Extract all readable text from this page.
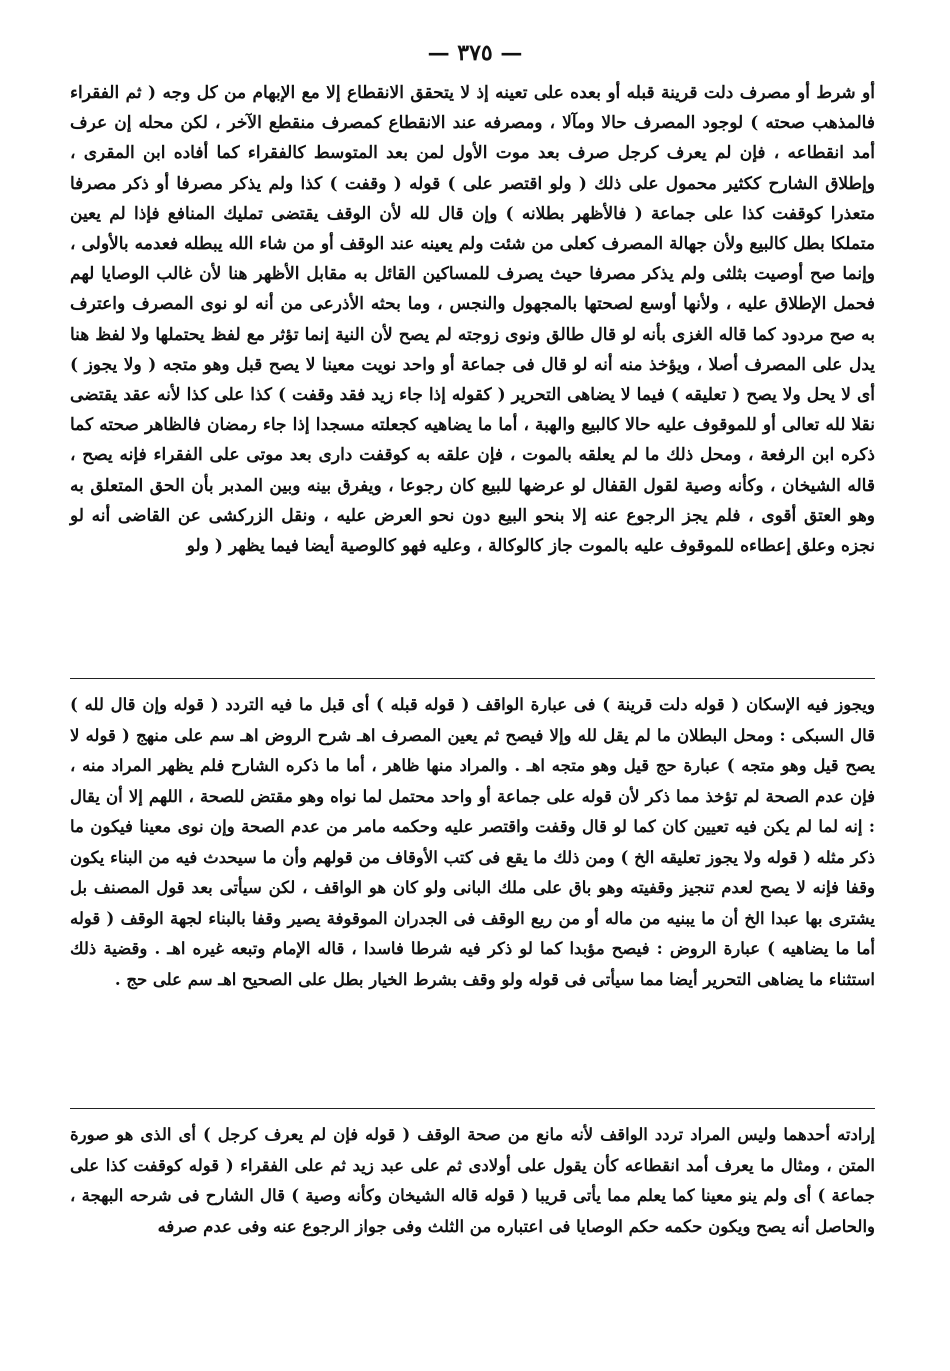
— ٣٧٥ —

أو شرط أو مصرف دلت قرينة قبله أو بعده على تعينه إذ لا يتحقق الانقطاع إلا مع الإبهام من كل وجه ( ثم الفقراء فالمذهب صحته ) لوجود المصرف حالا ومآلا ، ومصرفه عند الانقطاع كمصرف منقطع الآخر ، لكن محله إن عرف أمد انقطاعه ، فإن لم يعرف كرجل صرف بعد موت الأول لمن بعد المتوسط كالفقراء كما أفاده ابن المقرى ، وإطلاق الشارح ككثير محمول على ذلك ( ولو اقتصر على ) قوله ( وقفت ) كذا ولم يذكر مصرفا أو ذكر مصرفا متعذرا كوقفت كذا على جماعة ( فالأظهر بطلانه ) وإن قال لله لأن الوقف يقتضى تمليك المنافع فإذا لم يعين متملكا بطل كالبيع ولأن جهالة المصرف كعلى من شئت ولم يعينه عند الوقف أو من شاء الله يبطله فعدمه بالأولى ، وإنما صح أوصيت بثلثى ولم يذكر مصرفا حيث يصرف للمساكين القائل به مقابل الأظهر هنا لأن غالب الوصايا لهم فحمل الإطلاق عليه ، ولأنها أوسع لصحتها بالمجهول والنجس ، وما بحثه الأذرعى من أنه لو نوى المصرف واعترف به صح مردود كما قاله الغزى بأنه لو قال طالق ونوى زوجته لم يصح لأن النية إنما تؤثر مع لفظ يحتملها ولا لفظ هنا يدل على المصرف أصلا ، ويؤخذ منه أنه لو قال فى جماعة أو واحد نويت معينا لا يصح قبل وهو متجه ( ولا يجوز ) أى لا يحل ولا يصح ( تعليقه ) فيما لا يضاهى التحرير ( كقوله إذا جاء زيد فقد وقفت ) كذا على كذا لأنه عقد يقتضى نقلا لله تعالى أو للموقوف عليه حالا كالبيع والهبة ، أما ما يضاهيه كجعلته مسجدا إذا جاء رمضان فالظاهر صحته كما ذكره ابن الرفعة ، ومحل ذلك ما لم يعلقه بالموت ، فإن علقه به كوقفت دارى بعد موتى على الفقراء فإنه يصح ، قاله الشيخان ، وكأنه وصية لقول القفال لو عرضها للبيع كان رجوعا ، ويفرق بينه وبين المدبر بأن الحق المتعلق به وهو العتق أقوى ، فلم يجز الرجوع عنه إلا بنحو البيع دون نحو العرض عليه ، ونقل الزركشى عن القاضى أنه لو نجزه وعلق إعطاءه للموقوف عليه بالموت جاز كالوكالة ، وعليه فهو كالوصية أيضا فيما يظهر ( ولو

ويجوز فيه الإسكان ( قوله دلت قرينة ) فى عبارة الواقف ( قوله قبله ) أى قبل ما فيه التردد ( قوله وإن قال لله ) قال السبكى : ومحل البطلان ما لم يقل لله وإلا فيصح ثم يعين المصرف اهـ شرح الروض اهـ سم على منهج ( قوله لا يصح قيل وهو متجه ) عبارة حج قيل وهو متجه اهـ . والمراد منها ظاهر ، أما ما ذكره الشارح فلم يظهر المراد منه ، فإن عدم الصحة لم تؤخذ مما ذكر لأن قوله على جماعة أو واحد محتمل لما نواه وهو مقتض للصحة ، اللهم إلا أن يقال : إنه لما لم يكن فيه تعيين كان كما لو قال وقفت واقتصر عليه وحكمه مامر من عدم الصحة وإن نوى معينا فيكون ما ذكر مثله ( قوله ولا يجوز تعليقه الخ ) ومن ذلك ما يقع فى كتب الأوقاف من قولهم وأن ما سيحدث فيه من البناء يكون وقفا فإنه لا يصح لعدم تنجيز وقفيته وهو باق على ملك البانى ولو كان هو الواقف ، لكن سيأتى بعد قول المصنف بل يشترى بها عبدا الخ أن ما يبنيه من ماله أو من ريع الوقف فى الجدران الموقوفة يصير وقفا بالبناء لجهة الوقف ( قوله أما ما يضاهيه ) عبارة الروض : فيصح مؤبدا كما لو ذكر فيه شرطا فاسدا ، قاله الإمام وتبعه غيره اهـ . وقضية ذلك استثناء ما يضاهى التحرير أيضا مما سيأتى فى قوله ولو وقف بشرط الخيار بطل على الصحيح اهـ سم على حج .

إرادته أحدهما وليس المراد تردد الواقف لأنه مانع من صحة الوقف ( قوله فإن لم يعرف كرجل ) أى الذى هو صورة المتن ، ومثال ما يعرف أمد انقطاعه كأن يقول على أولادى ثم على عبد زيد ثم على الفقراء ( قوله كوقفت كذا على جماعة ) أى ولم ينو معينا كما يعلم مما يأتى قريبا ( قوله قاله الشيخان وكأنه وصية ) قال الشارح فى شرحه البهجة ، والحاصل أنه يصح ويكون حكمه حكم الوصايا فى اعتباره من الثلث وفى جواز الرجوع عنه وفى عدم صرفه
